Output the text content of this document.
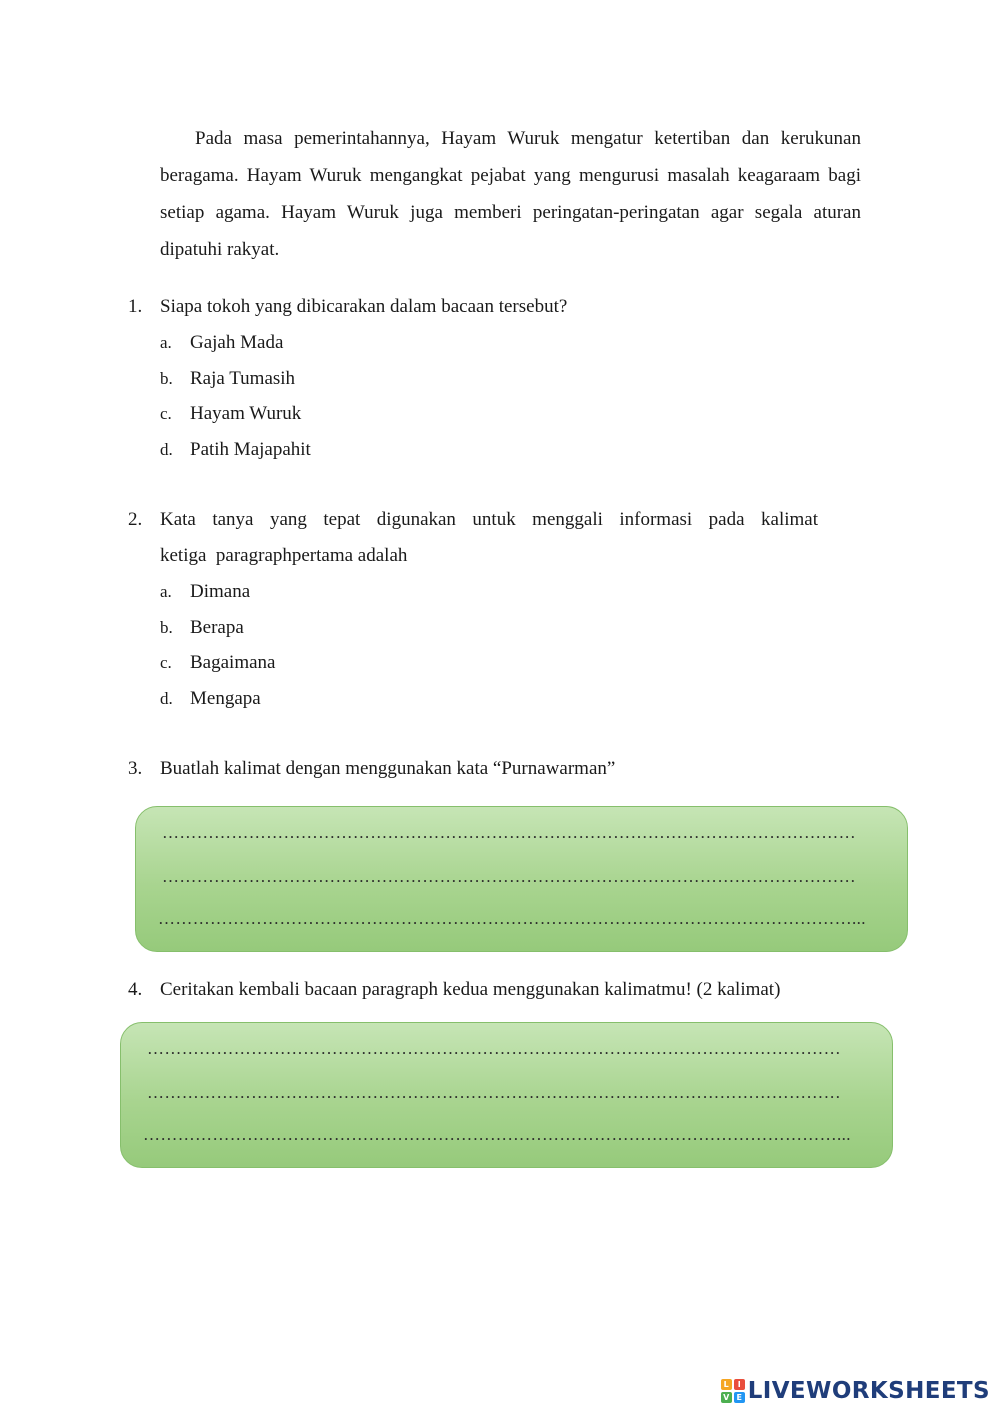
Pada masa pemerintahannya, Hayam Wuruk mengatur ketertiban dan kerukunan beragama. Hayam Wuruk mengangkat pejabat yang mengurusi masalah keagaraam bagi setiap agama. Hayam Wuruk juga memberi peringatan-peringatan agar segala aturan dipatuhi rakyat.
1. Siapa tokoh yang dibicarakan dalam bacaan tersebut?
a. Gajah Mada
b. Raja Tumasih
c. Hayam Wuruk
d. Patih Majapahit
2. Kata tanya yang tepat digunakan untuk menggali informasi pada kalimat
ketiga  paragraphpertama adalah
a. Dimana
b. Berapa
c. Bagaimana
d. Mengapa
3. Buatlah kalimat dengan menggunakan kata “Purnawarman”
…………………………………………………………………………………………………………
…………………………………………………………………………………………………………
…………………………………………………………………………………………………………...
4. Ceritakan kembali bacaan paragraph kedua menggunakan kalimatmu! (2 kalimat)
…………………………………………………………………………………………………………
…………………………………………………………………………………………………………
…………………………………………………………………………………………………………...
L	I
V E LIVEWORKSHEETS
